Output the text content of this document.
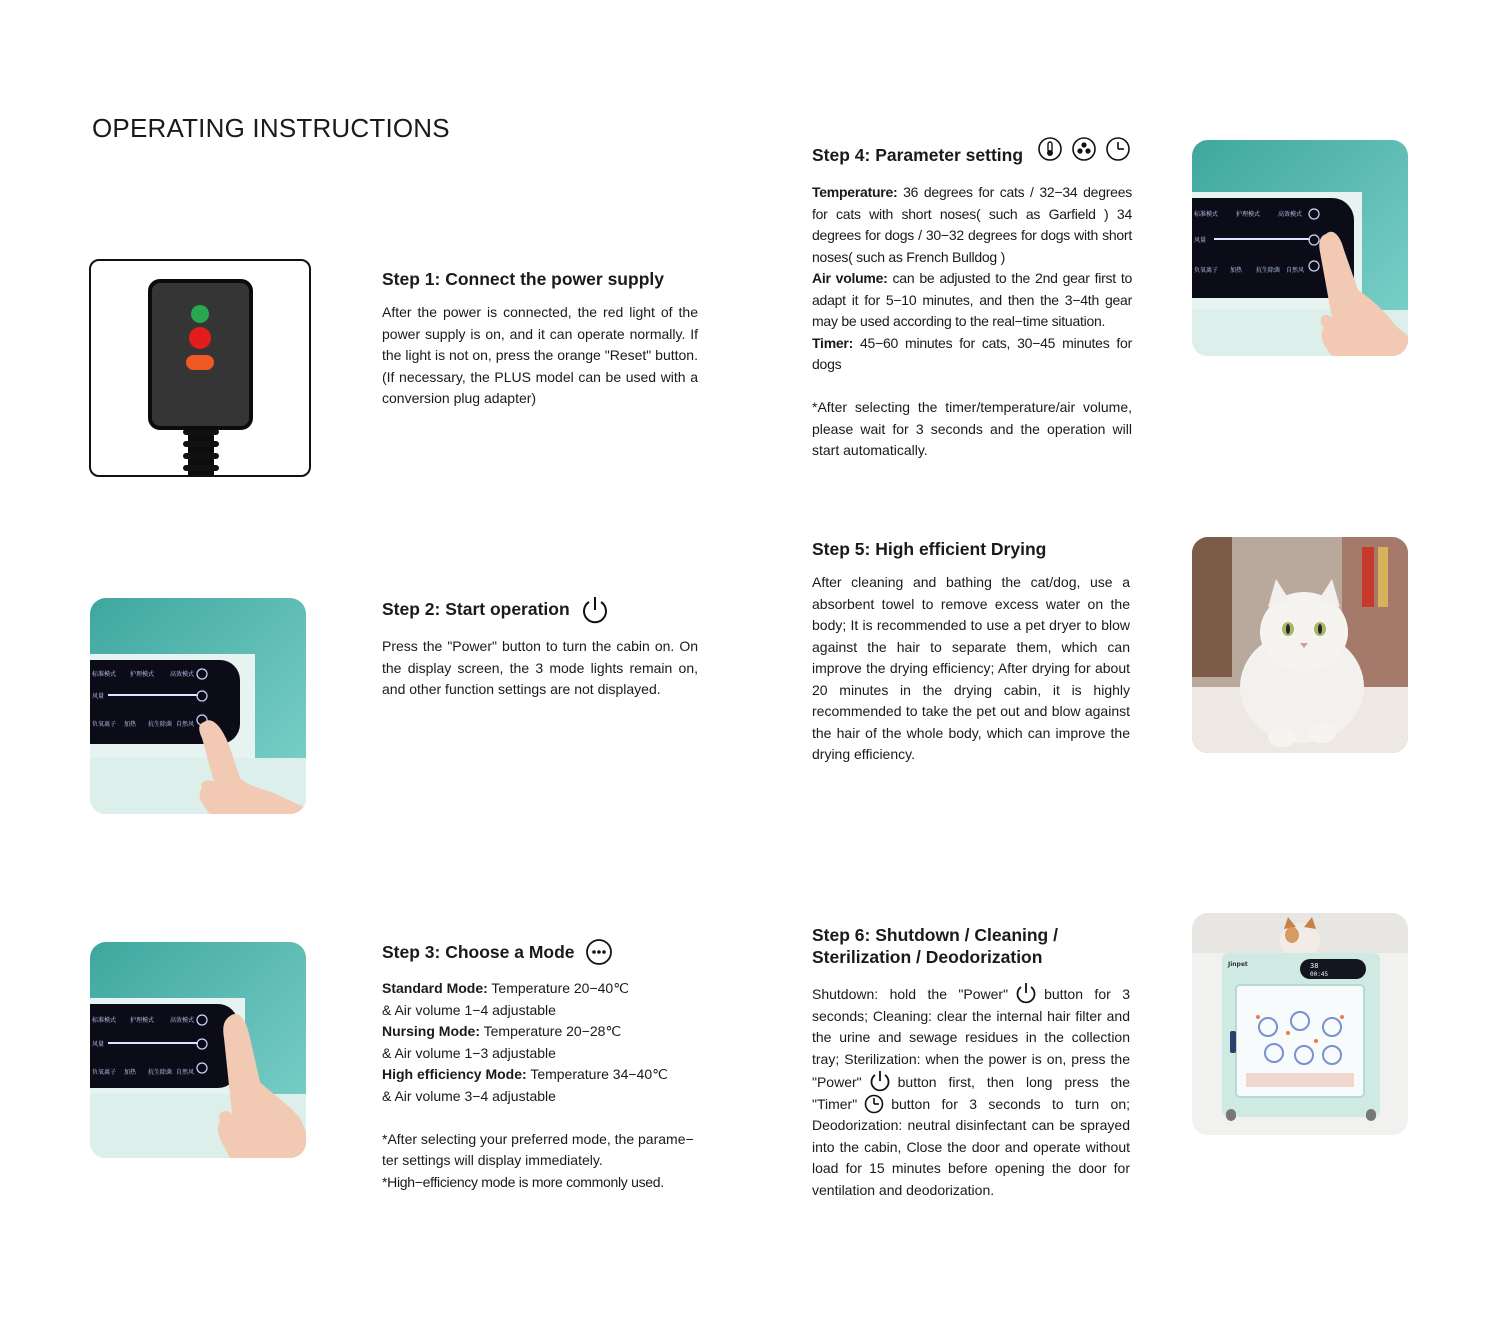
OPERATING INSTRUCTIONS
Step 1: Connect the power supply

After the power is connected, the red light of the power supply is on, and it can operate normally. If the light is not on, press the orange "Reset" button. (If necessary, the PLUS model can be used with a conversion plug adapter)

标准模式 护理模式	高效模式
风量
负氧离子 加热 抗生除菌 自然风
Step 2: Start operation

Press the "Power" button to turn the cabin on. On the display screen, the 3 mode lights remain on, and other function settings are not displayed.

标准模式 护理模式	高效模式
风量
负氧离子 加热 抗生除菌 自然风
Step 3: Choose a Mode

Standard Mode: Temperature 20−40℃
& Air volume 1−4 adjustable
Nursing Mode: Temperature 20−28℃
& Air volume 1−3 adjustable
High efficiency Mode: Temperature 34−40℃
& Air volume 3−4 adjustable

*After selecting your preferred mode, the parame− ter settings will display immediately.

*High−efficiency mode is more commonly used.

Step 4: Parameter setting

Temperature: 36 degrees for cats / 32−34 degrees for cats with short noses( such as Garfield ) 34 degrees for dogs / 30−32 degrees for dogs with short noses( such as French Bulldog )
Air volume: can be adjusted to the 2nd gear first to adapt it for 5−10 minutes, and then the 3−4th gear may be used according to the real−time situation.
Timer: 45−60 minutes for cats, 30−45 minutes for dogs

*After selecting the timer/temperature/air volume, please wait for 3 seconds and the operation will start automatically.

标准模式	护理模式	高效模式
风量
负氧离子 加热 抗生除菌 自然风
Step 5: High efficient Drying

After cleaning and bathing the cat/dog, use a absorbent towel to remove excess water on the body; It is recommended to use a pet dryer to blow against the hair to separate them, which can improve the drying efficiency; After drying for about 20 minutes in the drying cabin, it is highly recommended to take the pet out and blow against the hair of the whole body, which can improve the drying efficiency.

Step 6: Shutdown / Cleaning /
Sterilization / Deodorization

Shutdown: hold the "Power"	button for 3 seconds; Cleaning: clear the internal hair filter and the urine and sewage residues in the collection tray; Sterilization: when the power is on, press the "Power"	button first, then long press the "Timer" button for 3 seconds to turn on; Deodorization: neutral disinfectant can be sprayed into the cabin, Close the door and operate without load for 15 minutes before opening the door for ventilation and deodorization.

Jinpet	38
00:45
